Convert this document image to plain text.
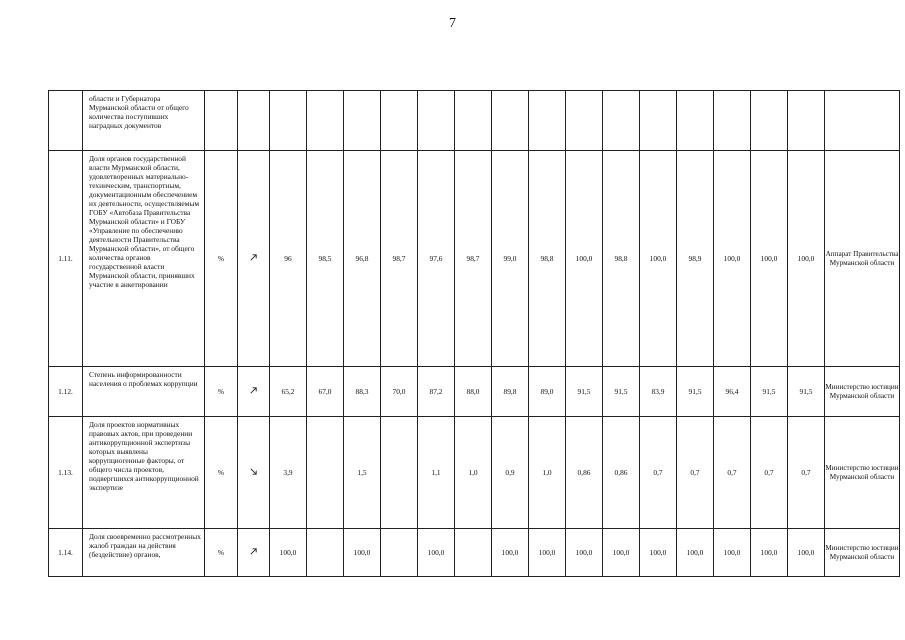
7
	области и Губернатора Мурманской области от общего количества поступивших наградных документов																		
1.11.	Доля органов государственной власти Мурманской области, удовлетворенных материально-техническим, транспортным, документационным обеспечением их деятельности, осуществляемым ГОБУ «Автобаза Правительства Мурманской области» и ГОБУ «Управление по обеспечению деятельности Правительства Мурманской области», от общего количества органов государственной власти Мурманской области, принявших участие в анкетировании	%		96	98,5	96,8	98,7	97,6	98,7	99,0	98,8	100,0	98,8	100,0	98,9	100,0	100,0	100,0	Аппарат Правительства Мурманской области
1.12.	Степень информированности населения о проблемах коррупции	%		65,2	67,0	88,3	70,0	87,2	88,0	89,8	89,0	91,5	91,5	83,9	91,5	96,4	91,5	91,5	Министерство юстиции Мурманской области
1.13.	Доля проектов нормативных правовых актов, при проведении антикоррупционной экспертизы которых выявлены коррупциогенные факторы, от общего числа проектов, подвергшихся антикоррупционной экспертизе	%		3,9		1,5		1,1	1,0	0,9	1,0	0,86	0,86	0,7	0,7	0,7	0,7	0,7	Министерство юстиции Мурманской области
1.14.	Доля своевременно рассмотренных жалоб граждан на действия (бездействие) органов,	%		100,0		100,0		100,0		100,0	100,0	100,0	100,0	100,0	100,0	100,0	100,0	100,0	Министерство юстиции Мурманской области
